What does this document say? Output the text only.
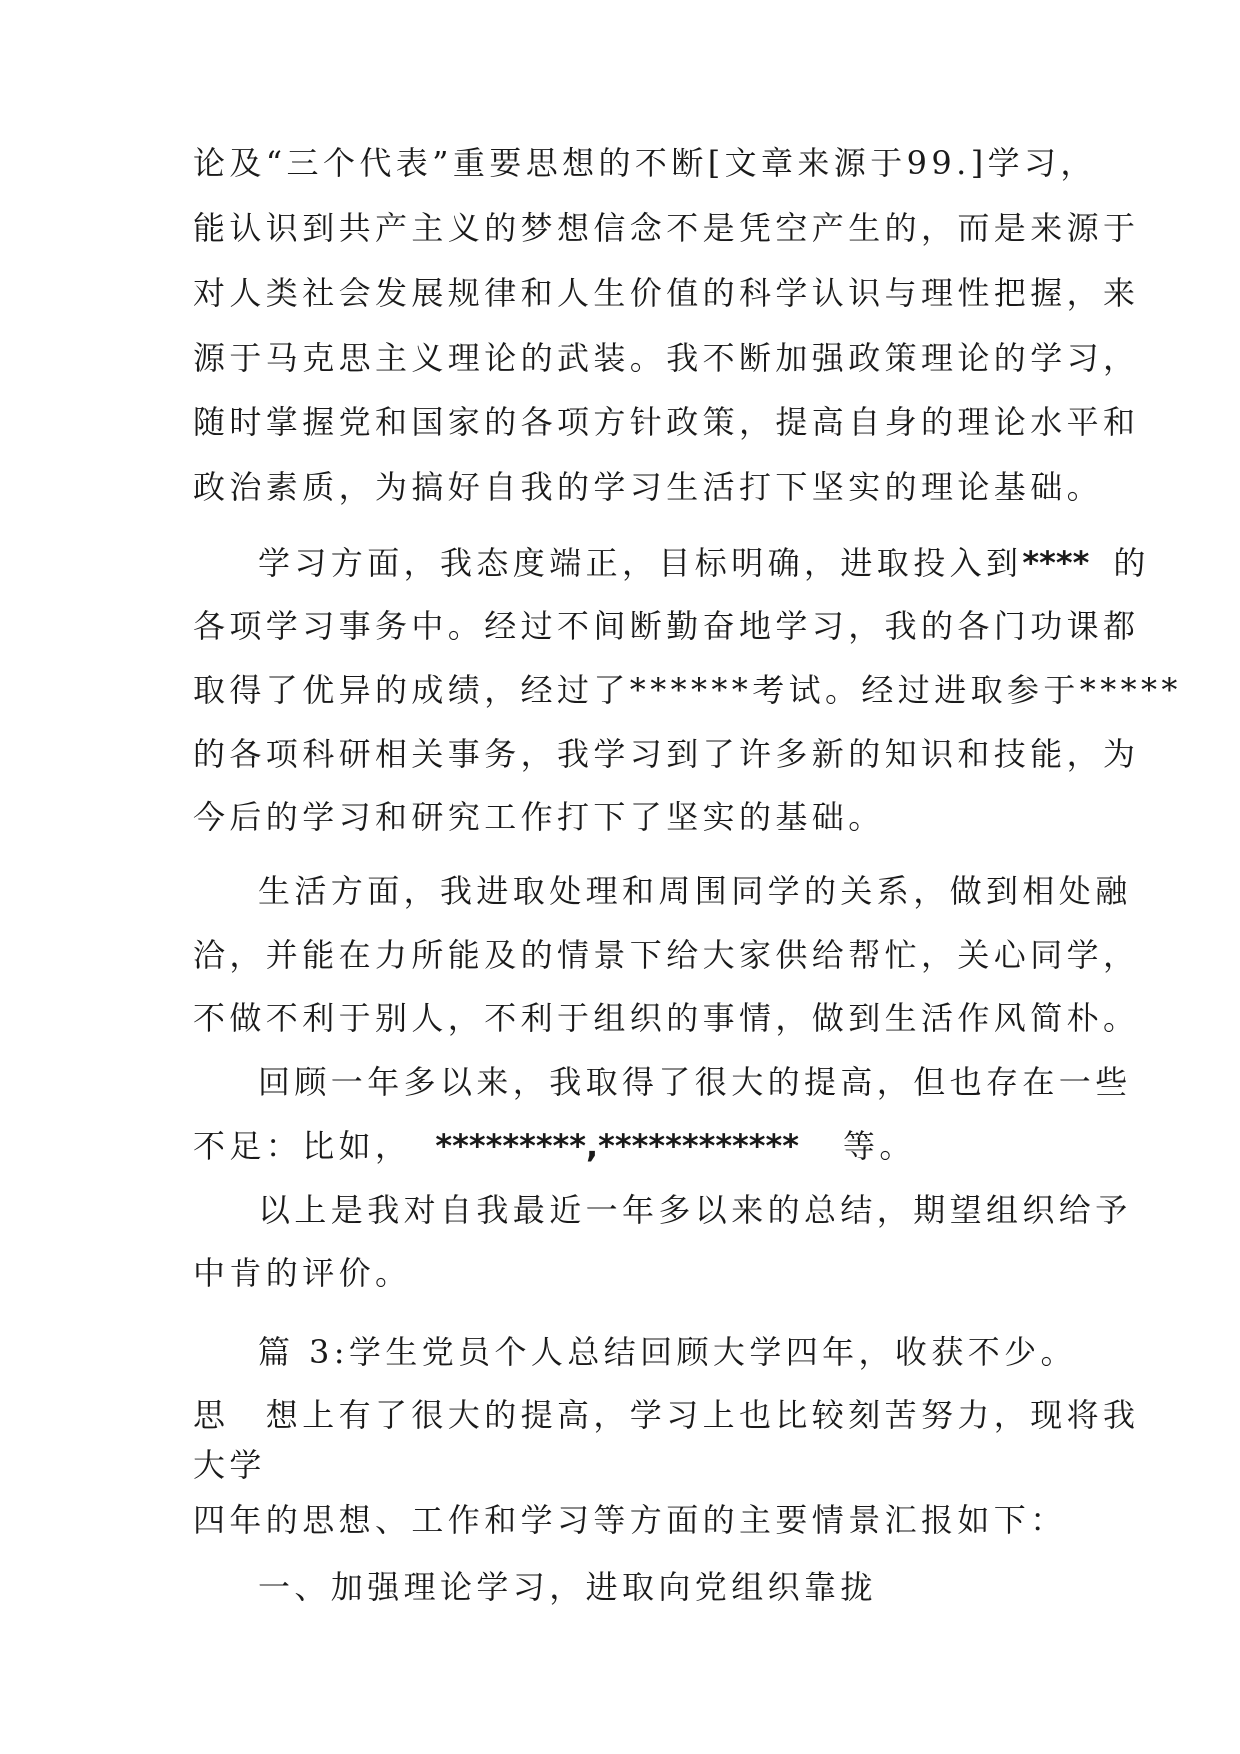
论及“三个代表”重要思想的不断[文章来源于99.]学习，
能认识到共产主义的梦想信念不是凭空产生的，而是来源于
对人类社会发展规律和人生价值的科学认识与理性把握，来
源于马克思主义理论的武装。我不断加强政策理论的学习，
随时掌握党和国家的各项方针政策，提高自身的理论水平和
政治素质，为搞好自我的学习生活打下坚实的理论基础。
学习方面，我态度端正，目标明确，进取投入到**** 的
各项学习事务中。经过不间断勤奋地学习，我的各门功课都
取得了优异的成绩，经过了******考试。经过进取参于*****
的各项科研相关事务，我学习到了许多新的知识和技能，为
今后的学习和研究工作打下了坚实的基础。
生活方面，我进取处理和周围同学的关系，做到相处融
洽，并能在力所能及的情景下给大家供给帮忙，关心同学，
不做不利于别人，不利于组织的事情，做到生活作风简朴。
回顾一年多以来，我取得了很大的提高，但也存在一些
不足：比如， *********,************ 等。
以上是我对自我最近一年多以来的总结，期望组织给予
中肯的评价。
篇 3:学生党员个人总结回顾大学四年，收获不少。
思　想上有了很大的提高，学习上也比较刻苦努力，现将我
大学
四年的思想、工作和学习等方面的主要情景汇报如下：
一、加强理论学习，进取向党组织靠拢
